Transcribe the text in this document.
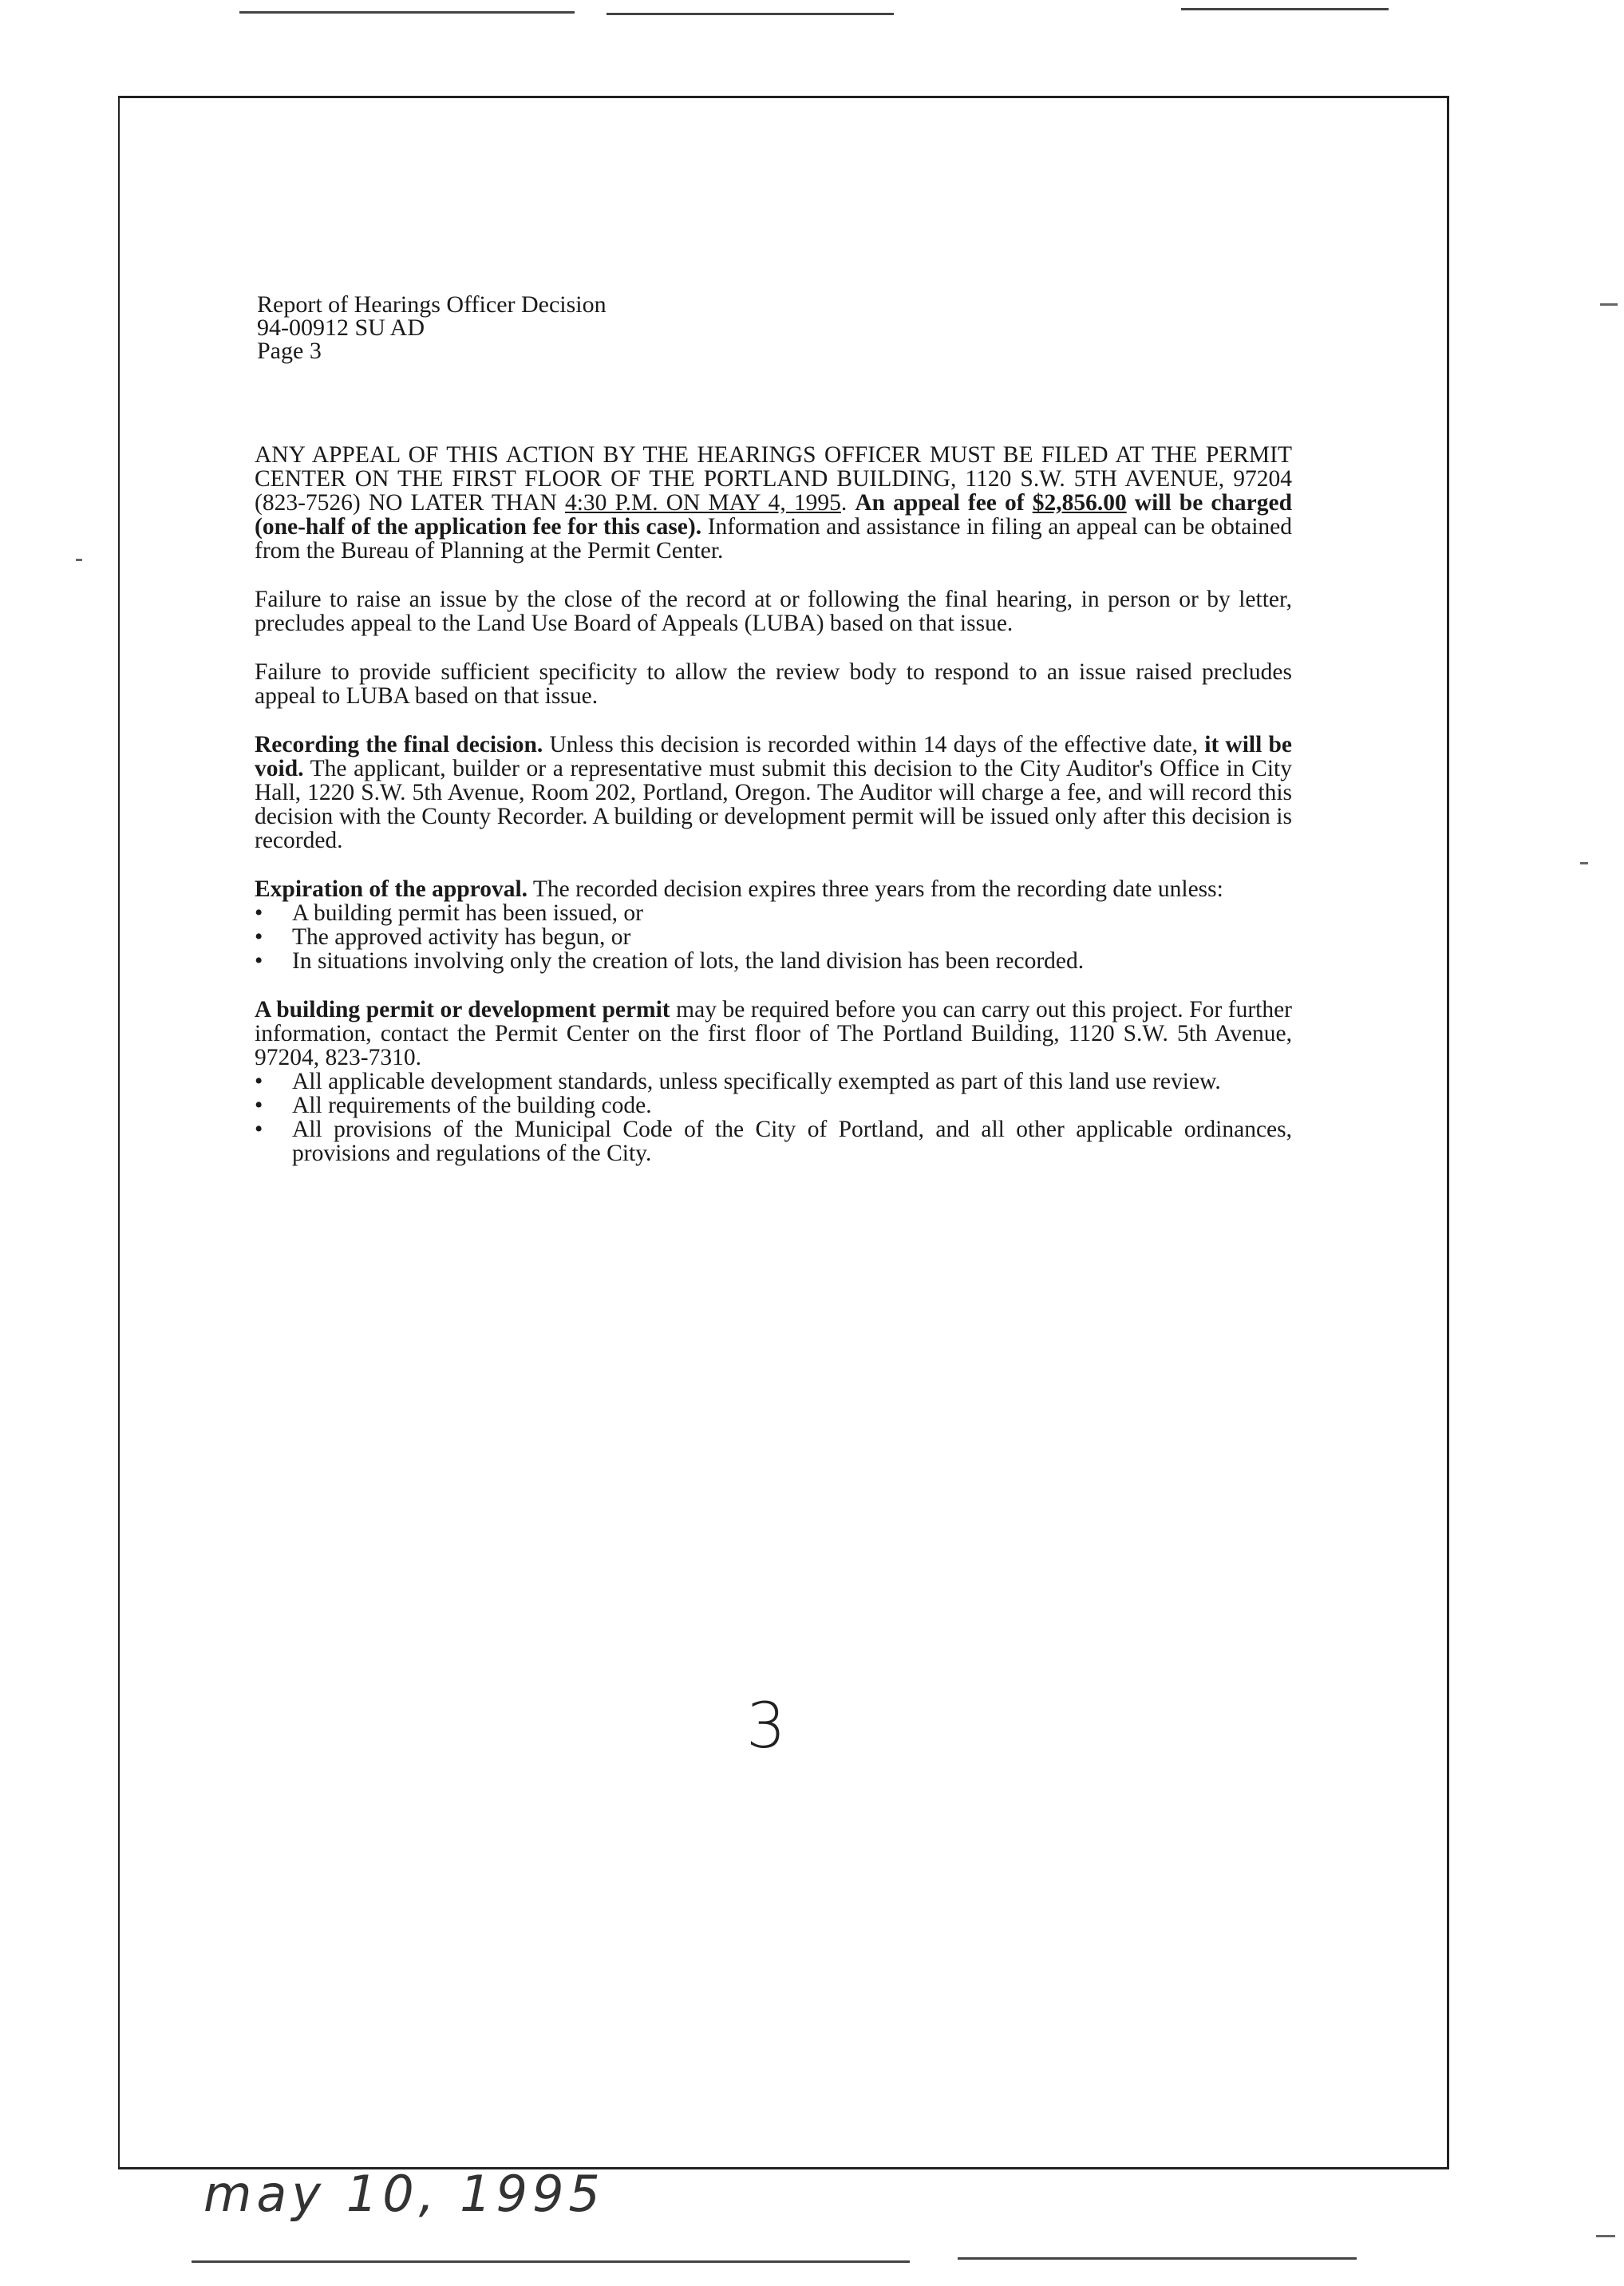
Report of Hearings Officer Decision
94-00912 SU AD
Page 3

ANY APPEAL OF THIS ACTION BY THE HEARINGS OFFICER MUST BE FILED AT THE PERMIT CENTER ON THE FIRST FLOOR OF THE PORTLAND BUILDING, 1120 S.W. 5TH AVENUE, 97204 (823-7526) NO LATER THAN 4:30 P.M. ON MAY 4, 1995. An appeal fee of $2,856.00 will be charged (one-half of the application fee for this case). Information and assistance in filing an appeal can be obtained from the Bureau of Planning at the Permit Center.

Failure to raise an issue by the close of the record at or following the final hearing, in person or by letter, precludes appeal to the Land Use Board of Appeals (LUBA) based on that issue.

Failure to provide sufficient specificity to allow the review body to respond to an issue raised precludes appeal to LUBA based on that issue.

Recording the final decision. Unless this decision is recorded within 14 days of the effective date, it will be void. The applicant, builder or a representative must submit this decision to the City Auditor's Office in City Hall, 1220 S.W. 5th Avenue, Room 202, Portland, Oregon. The Auditor will charge a fee, and will record this decision with the County Recorder. A building or development permit will be issued only after this decision is recorded.

Expiration of the approval. The recorded decision expires three years from the recording date unless:
• A building permit has been issued, or
• The approved activity has begun, or
• In situations involving only the creation of lots, the land division has been recorded.
A building permit or development permit may be required before you can carry out this project. For further information, contact the Permit Center on the first floor of The Portland Building, 1120 S.W. 5th Avenue, 97204, 823-7310.
• All applicable development standards, unless specifically exempted as part of this land use review.
• All requirements of the building code.
• All provisions of the Municipal Code of the City of Portland, and all other applicable ordinances, provisions and regulations of the City.
3
may 10, 1995
